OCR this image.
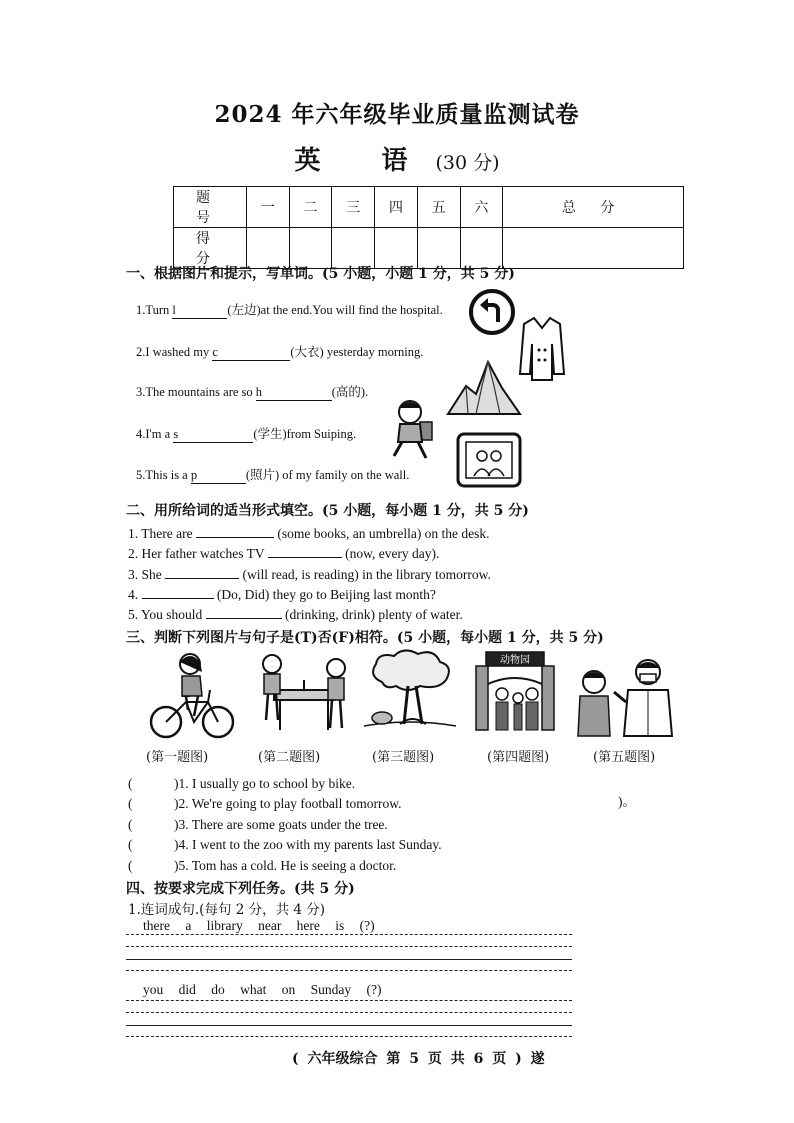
2024 年六年级毕业质量监测试卷
英 语 (30 分)
题 号	一	二	三	四	五	六	总 分
得 分							
一、根据图片和提示，写单词。(5 小题，小题 1 分，共 5 分)
1.Turn l	(左边)at the end.You will find the hospital.
2.I washed my c	(大衣) yesterday morning.
3.The mountains are so h	(高的).
4.I'm a s	(学生)from Suiping.
5.This is a p	(照片) of my family on the wall.
二、用所给词的适当形式填空。(5 小题，每小题 1 分，共 5 分)
1. There are	(some books, an umbrella) on the desk.
2. Her father watches TV	(now, every day).
3. She	(will read, is reading) in the library tomorrow.
4.	(Do, Did) they go to Beijing last month?
5. You should	(drinking, drink) plenty of water.
三、判断下列图片与句子是(T)否(F)相符。(5 小题，每小题 1 分，共 5 分)
动物园
(第一题图)	(第二题图)	(第三题图)	(第四题图)	(第五题图)
(	)1. I usually go to school by bike.
(	)2. We're going to play football tomorrow.
(	)3. There are some goats under the tree.
(	)4. I went to the zoo with my parents last Sunday.
(	)5. Tom has a cold. He is seeing a doctor.
)。
四、按要求完成下列任务。(共 5 分)
1.连词成句.(每句 2 分，共 4 分)
there a library near here is (?)
you did do what on Sunday (?)
( 六年级综合 第 5 页 共 6 页 ) 遂
